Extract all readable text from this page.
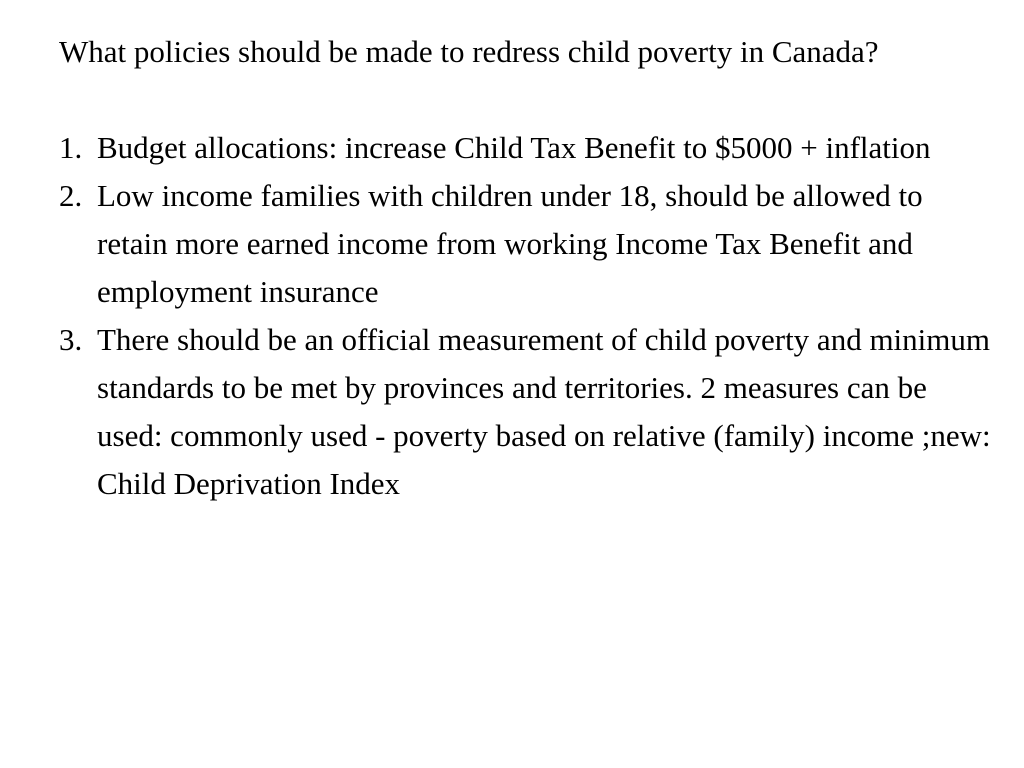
What policies should be made to redress child poverty in Canada?

1. Budget allocations: increase Child Tax Benefit to $5000 + inflation
2. Low income families with children under 18, should be allowed to retain more earned income from working Income Tax Benefit and employment insurance
3. There should be an official measurement of child poverty and minimum standards to be met by provinces and territories. 2 measures can be used: commonly used - poverty based on relative (family) income ;new: Child Deprivation Index
